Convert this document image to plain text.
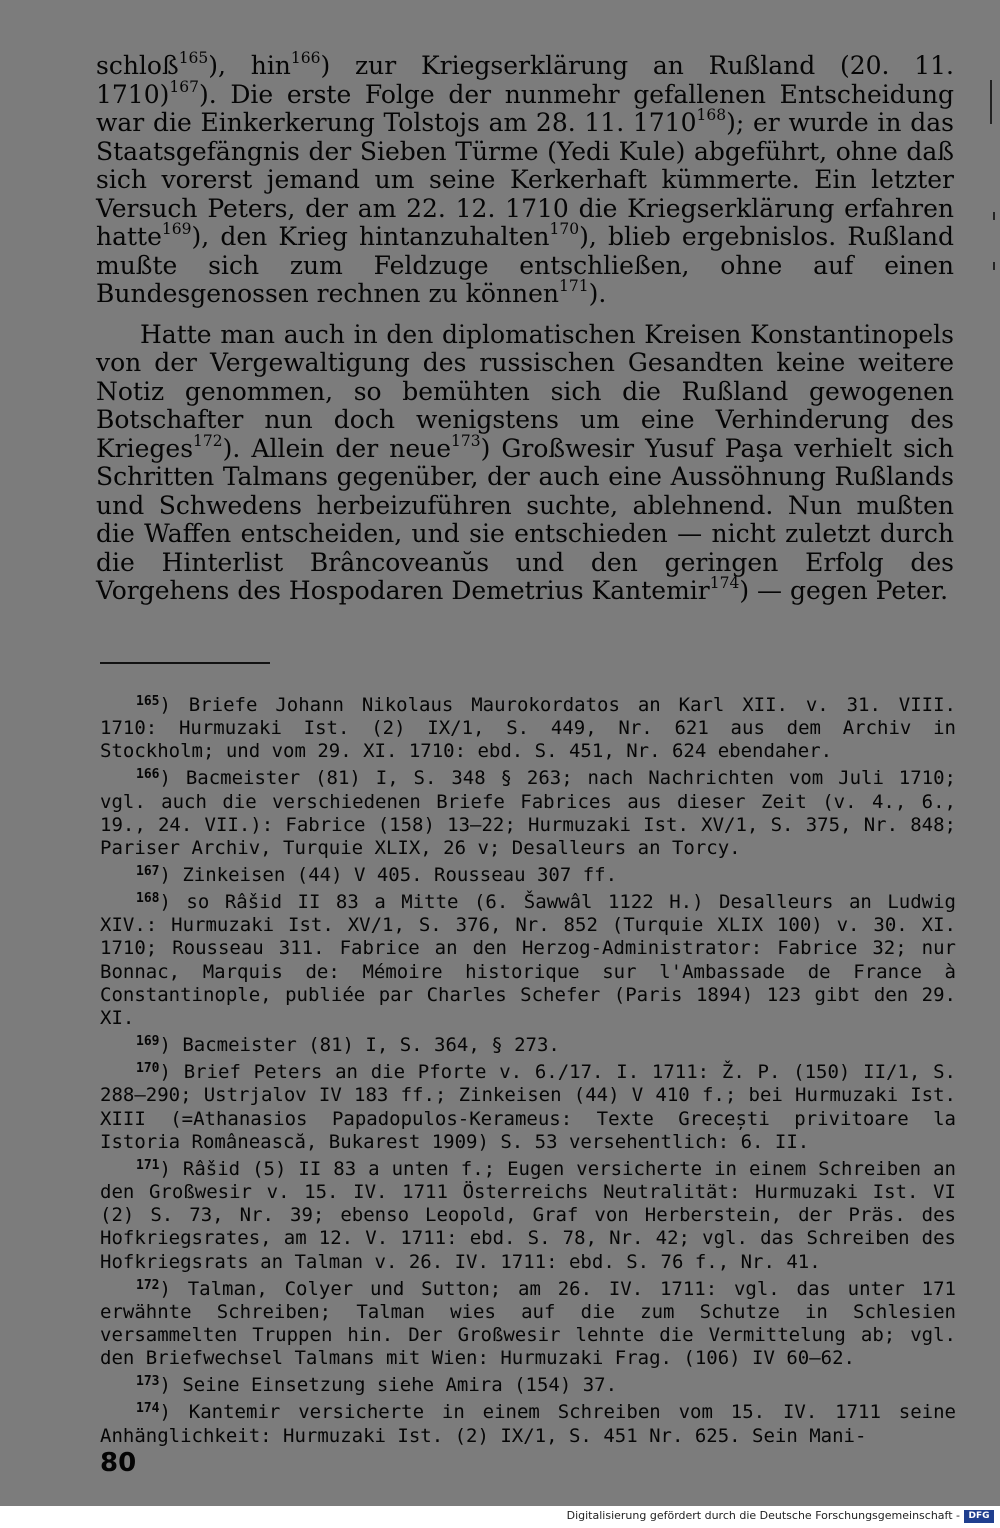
schloß$^{165}$), hin$^{166}$) zur Kriegserklärung an Rußland (20. 11. 1710)$^{167}$). Die erste Folge der nunmehr gefallenen Entscheidung war die Einkerkerung Tolstojs am 28. 11. 1710$^{168}$); er wurde in das Staatsgefängnis der Sieben Türme (Yedi Kule) abgeführt, ohne daß sich vorerst jemand um seine Kerkerhaft kümmerte. Ein letzter Versuch Peters, der am 22. 12. 1710 die Kriegserklärung erfahren hatte$^{169}$), den Krieg hintanzuhalten$^{170}$), blieb ergebnislos. Rußland mußte sich zum Feldzuge entschließen, ohne auf einen Bundesgenossen rechnen zu können$^{171}$).

Hatte man auch in den diplomatischen Kreisen Konstantinopels von der Vergewaltigung des russischen Gesandten keine weitere Notiz genommen, so bemühten sich die Rußland gewogenen Botschafter nun doch wenigstens um eine Verhinderung des Krieges$^{172}$). Allein der neue$^{173}$) Großwesir Yusuf Paşa verhielt sich Schritten Talmans gegenüber, der auch eine Aussöhnung Rußlands und Schwedens herbeizuführen suchte, ablehnend. Nun mußten die Waffen entscheiden, und sie entschieden — nicht zuletzt durch die Hinterlist Brâncoveanŭs und den geringen Erfolg des Vorgehens des Hospodaren Demetrius Kantemir$^{174}$) — gegen Peter.

$^{165}$) Briefe Johann Nikolaus Maurokordatos an Karl XII. v. 31. VIII. 1710: Hurmuzaki Ist. (2) IX/1, S. 449, Nr. 621 aus dem Archiv in Stockholm; und vom 29. XI. 1710: ebd. S. 451, Nr. 624 ebendaher.

$^{166}$) Bacmeister (81) I, S. 348 § 263; nach Nachrichten vom Juli 1710; vgl. auch die verschiedenen Briefe Fabrices aus dieser Zeit (v. 4., 6., 19., 24. VII.): Fabrice (158) 13—22; Hurmuzaki Ist. XV/1, S. 375, Nr. 848; Pariser Archiv, Turquie XLIX, 26 v; Desalleurs an Torcy.

$^{167}$) Zinkeisen (44) V 405. Rousseau 307 ff.

$^{168}$) so Râšid II 83 a Mitte (6. Šawwâl 1122 H.) Desalleurs an Ludwig XIV.: Hurmuzaki Ist. XV/1, S. 376, Nr. 852 (Turquie XLIX 100) v. 30. XI. 1710; Rousseau 311. Fabrice an den Herzog-Administrator: Fabrice 32; nur Bonnac, Marquis de: Mémoire historique sur l'Ambassade de France à Constantinople, publiée par Charles Schefer (Paris 1894) 123 gibt den 29. XI.

$^{169}$) Bacmeister (81) I, S. 364, § 273.

$^{170}$) Brief Peters an die Pforte v. 6./17. I. 1711: Ž. P. (150) II/1, S. 288—290; Ustrjalov IV 183 ff.; Zinkeisen (44) V 410 f.; bei Hurmuzaki Ist. XIII (=Athanasios Papadopulos-Kerameus: Texte Grecești privitoare la Istoria Românească, Bukarest 1909) S. 53 versehentlich: 6. II.

$^{171}$) Râšid (5) II 83 a unten f.; Eugen versicherte in einem Schreiben an den Großwesir v. 15. IV. 1711 Österreichs Neutralität: Hurmuzaki Ist. VI (2) S. 73, Nr. 39; ebenso Leopold, Graf von Herberstein, der Präs. des Hofkriegsrates, am 12. V. 1711: ebd. S. 78, Nr. 42; vgl. das Schreiben des Hofkriegsrats an Talman v. 26. IV. 1711: ebd. S. 76 f., Nr. 41.

$^{172}$) Talman, Colyer und Sutton; am 26. IV. 1711: vgl. das unter 171 erwähnte Schreiben; Talman wies auf die zum Schutze in Schlesien versammelten Truppen hin. Der Großwesir lehnte die Vermittelung ab; vgl. den Briefwechsel Talmans mit Wien: Hurmuzaki Frag. (106) IV 60—62.

$^{173}$) Seine Einsetzung siehe Amira (154) 37.

$^{174}$) Kantemir versicherte in einem Schreiben vom 15. IV. 1711 seine Anhänglichkeit: Hurmuzaki Ist. (2) IX/1, S. 451 Nr. 625. Sein Mani-

80
Digitalisierung gefördert durch die Deutsche Forschungsgemeinschaft - DFG
